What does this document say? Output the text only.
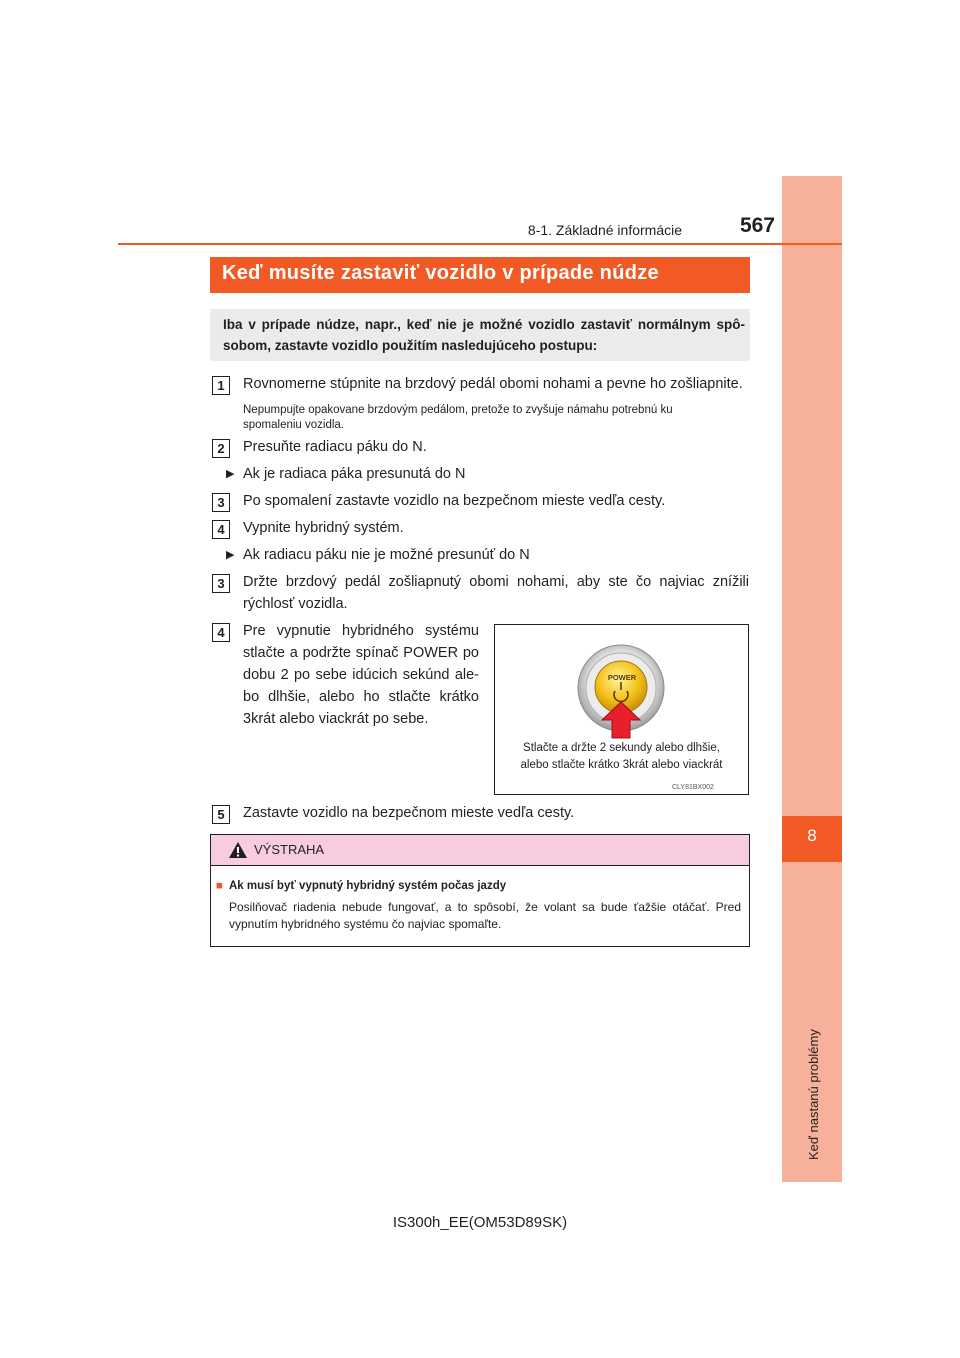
8
Keď nastanú problémy
8-1. Základné informácie	567
Keď musíte zastaviť vozidlo v prípade núdze
Iba v prípade núdze, napr., keď nie je možné vozidlo zastaviť normálnym spô-sobom, zastavte vozidlo použitím nasledujúceho postupu:
1	Rovnomerne stúpnite na brzdový pedál obomi nohami a pevne ho zošliapnite.
Nepumpujte opakovane brzdovým pedálom, pretože to zvyšuje námahu potrebnú ku
spomaleniu vozidla.
2	Presuňte radiacu páku do N.
▶ Ak je radiaca páka presunutá do N
3	Po spomalení zastavte vozidlo na bezpečnom mieste vedľa cesty.
4	Vypnite hybridný systém.
▶ Ak radiacu páku nie je možné presunúť do N
3	Držte brzdový pedál zošliapnutý obomi nohami, aby ste čo najviac znížili
rýchlosť vozidla.
4	Pre vypnutie hybridného systému
stlačte a podržte spínač POWER po
dobu 2 po sebe idúcich sekúnd ale-
bo dlhšie, alebo ho stlačte krátko
3krát alebo viackrát po sebe.
POWER
Stlačte a držte 2 sekundy alebo dlhšie,
alebo stlačte krátko 3krát alebo viackrát
CLY81BX002
5	Zastavte vozidlo na bezpečnom mieste vedľa cesty.
VÝSTRAHA
■ Ak musí byť vypnutý hybridný systém počas jazdy
Posilňovač riadenia nebude fungovať, a to spôsobí, že volant sa bude ťažšie otáčať. Pred vypnutím hybridného systému čo najviac spomaľte.
IS300h_EE(OM53D89SK)
